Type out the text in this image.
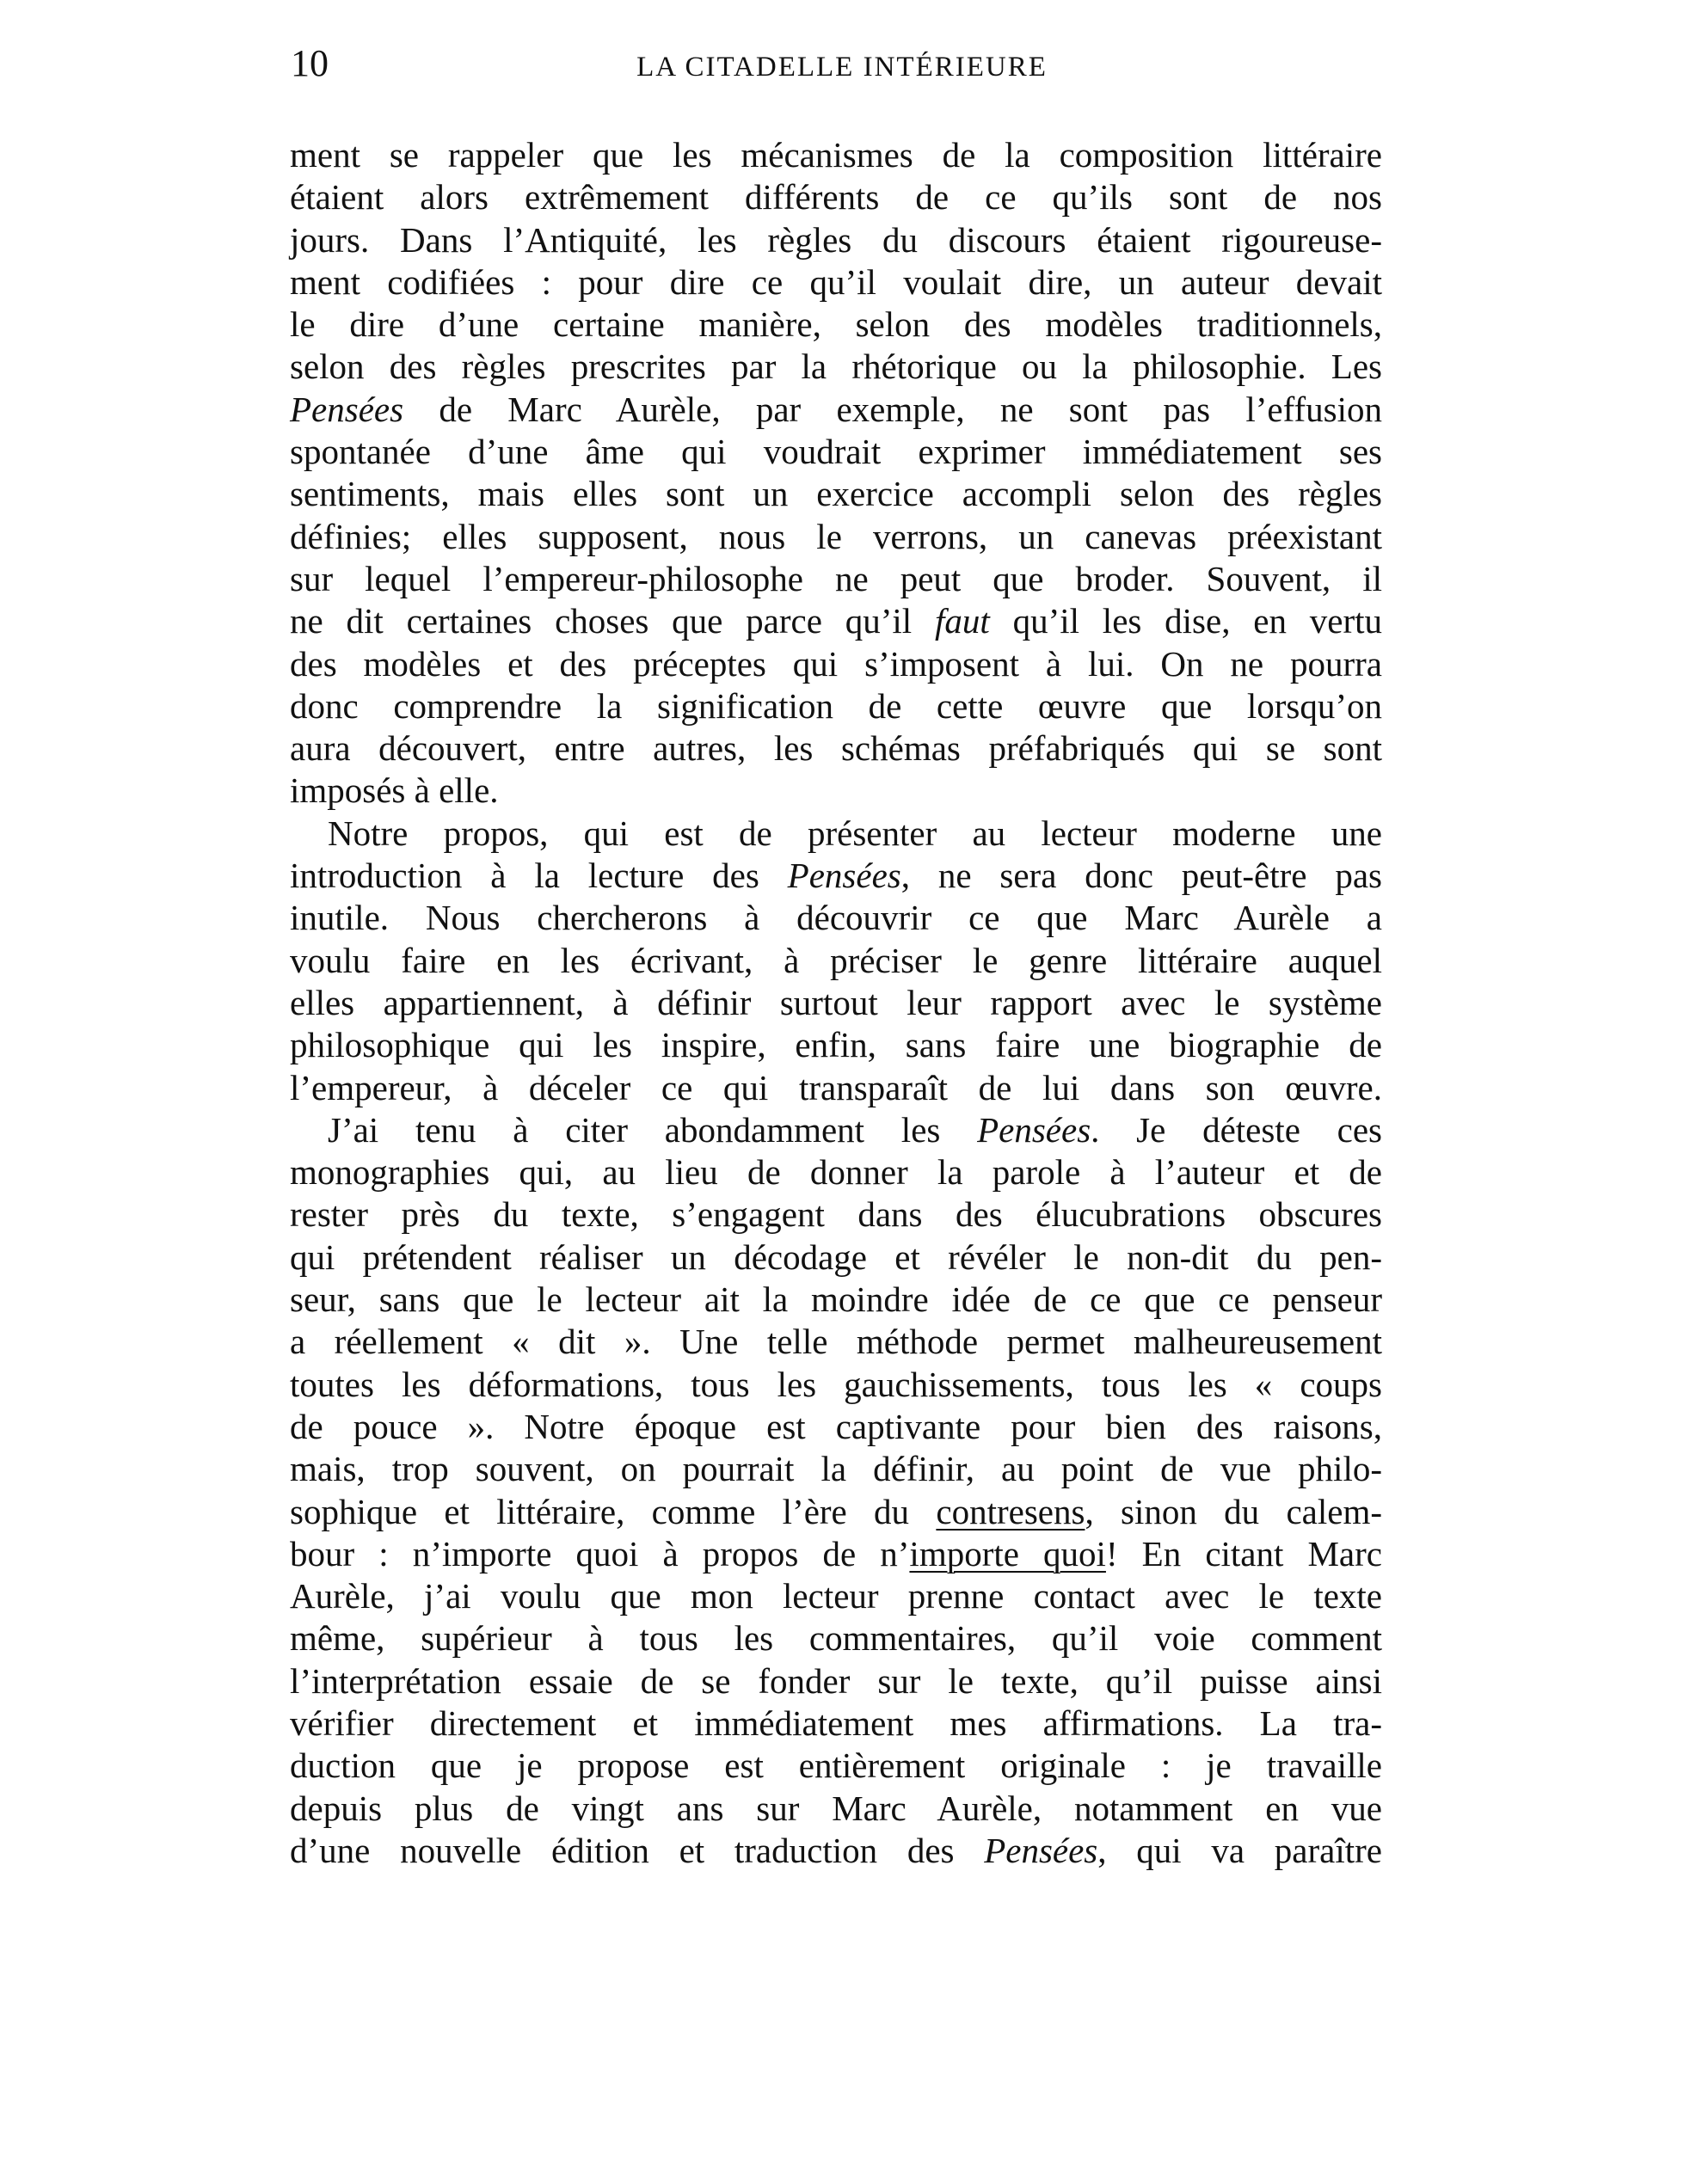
10	LA CITADELLE INTÉRIEURE
ment se rappeler que les mécanismes de la composition littéraire
étaient alors extrêmement différents de ce qu’ils sont de nos
jours. Dans l’Antiquité, les règles du discours étaient rigoureuse-
ment codifiées : pour dire ce qu’il voulait dire, un auteur devait
le dire d’une certaine manière, selon des modèles traditionnels,
selon des règles prescrites par la rhétorique ou la philosophie. Les
Pensées de Marc Aurèle, par exemple, ne sont pas l’effusion
spontanée d’une âme qui voudrait exprimer immédiatement ses
sentiments, mais elles sont un exercice accompli selon des règles
définies; elles supposent, nous le verrons, un canevas préexistant
sur lequel l’empereur-philosophe ne peut que broder. Souvent, il
ne dit certaines choses que parce qu’il faut qu’il les dise, en vertu
des modèles et des préceptes qui s’imposent à lui. On ne pourra
donc comprendre la signification de cette œuvre que lorsqu’on
aura découvert, entre autres, les schémas préfabriqués qui se sont
imposés à elle.
Notre propos, qui est de présenter au lecteur moderne une
introduction à la lecture des Pensées, ne sera donc peut-être pas
inutile. Nous chercherons à découvrir ce que Marc Aurèle a
voulu faire en les écrivant, à préciser le genre littéraire auquel
elles appartiennent, à définir surtout leur rapport avec le système
philosophique qui les inspire, enfin, sans faire une biographie de
l’empereur, à déceler ce qui transparaît de lui dans son œuvre.
J’ai tenu à citer abondamment les Pensées. Je déteste ces
monographies qui, au lieu de donner la parole à l’auteur et de
rester près du texte, s’engagent dans des élucubrations obscures
qui prétendent réaliser un décodage et révéler le non-dit du pen-
seur, sans que le lecteur ait la moindre idée de ce que ce penseur
a réellement « dit ». Une telle méthode permet malheureusement
toutes les déformations, tous les gauchissements, tous les « coups
de pouce ». Notre époque est captivante pour bien des raisons,
mais, trop souvent, on pourrait la définir, au point de vue philo-
sophique et littéraire, comme l’ère du contresens, sinon du calem-
bour : n’importe quoi à propos de n’importe quoi! En citant Marc
Aurèle, j’ai voulu que mon lecteur prenne contact avec le texte
même, supérieur à tous les commentaires, qu’il voie comment
l’interprétation essaie de se fonder sur le texte, qu’il puisse ainsi
vérifier directement et immédiatement mes affirmations. La tra-
duction que je propose est entièrement originale : je travaille
depuis plus de vingt ans sur Marc Aurèle, notamment en vue
d’une nouvelle édition et traduction des Pensées, qui va paraître
